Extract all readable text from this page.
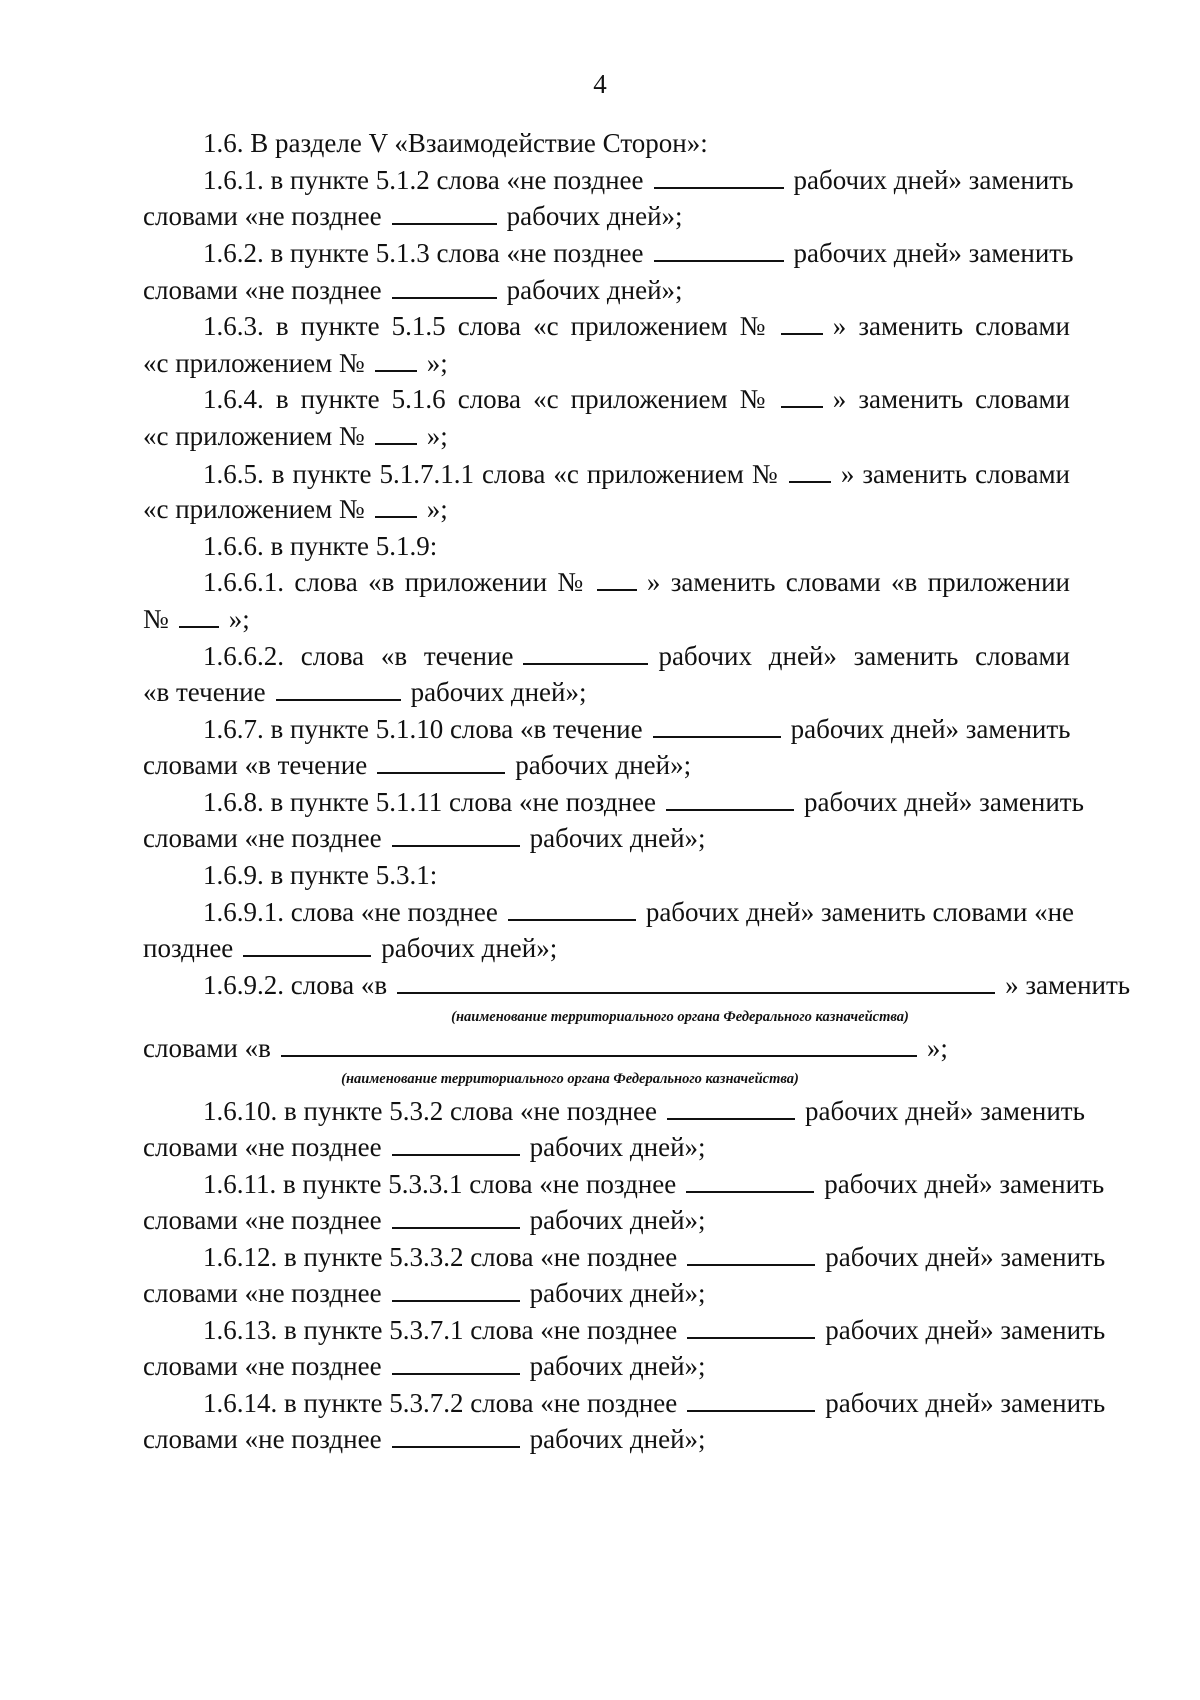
4
1.6. В разделе V «Взаимодействие Сторон»:
1.6.1. в пункте 5.1.2 слова «не позднее	рабочих дней» заменить
словами «не позднее	рабочих дней»;
1.6.2. в пункте 5.1.3 слова «не позднее	рабочих дней» заменить
словами «не позднее	рабочих дней»;
1.6.3. в пункте 5.1.5 слова «с приложением № » заменить словами
«с приложением № »;
1.6.4. в пункте 5.1.6 слова «с приложением № » заменить словами
«с приложением № »;
1.6.5. в пункте 5.1.7.1.1 слова «с приложением № » заменить словами
«с приложением № »;
1.6.6. в пункте 5.1.9:
1.6.6.1. слова «в приложении № » заменить словами «в приложении
№ »;
1.6.6.2. слова «в течение	рабочих дней» заменить словами
«в течение	рабочих дней»;
1.6.7. в пункте 5.1.10 слова «в течение	рабочих дней» заменить
словами «в течение	рабочих дней»;
1.6.8. в пункте 5.1.11 слова «не позднее	рабочих дней» заменить
словами «не позднее	рабочих дней»;
1.6.9. в пункте 5.3.1:
1.6.9.1. слова «не позднее	рабочих дней» заменить словами «не
позднее	рабочих дней»;
1.6.9.2. слова «в	» заменить
словами «в	»;
1.6.10. в пункте 5.3.2 слова «не позднее	рабочих дней» заменить
словами «не позднее	рабочих дней»;
1.6.11. в пункте 5.3.3.1 слова «не позднее	рабочих дней» заменить
словами «не позднее	рабочих дней»;
1.6.12. в пункте 5.3.3.2 слова «не позднее	рабочих дней» заменить
словами «не позднее	рабочих дней»;
1.6.13. в пункте 5.3.7.1 слова «не позднее	рабочих дней» заменить
словами «не позднее	рабочих дней»;
1.6.14. в пункте 5.3.7.2 слова «не позднее	рабочих дней» заменить
словами «не позднее	рабочих дней»;
(наименование территориального органа Федерального казначейства)
(наименование территориального органа Федерального казначейства)
